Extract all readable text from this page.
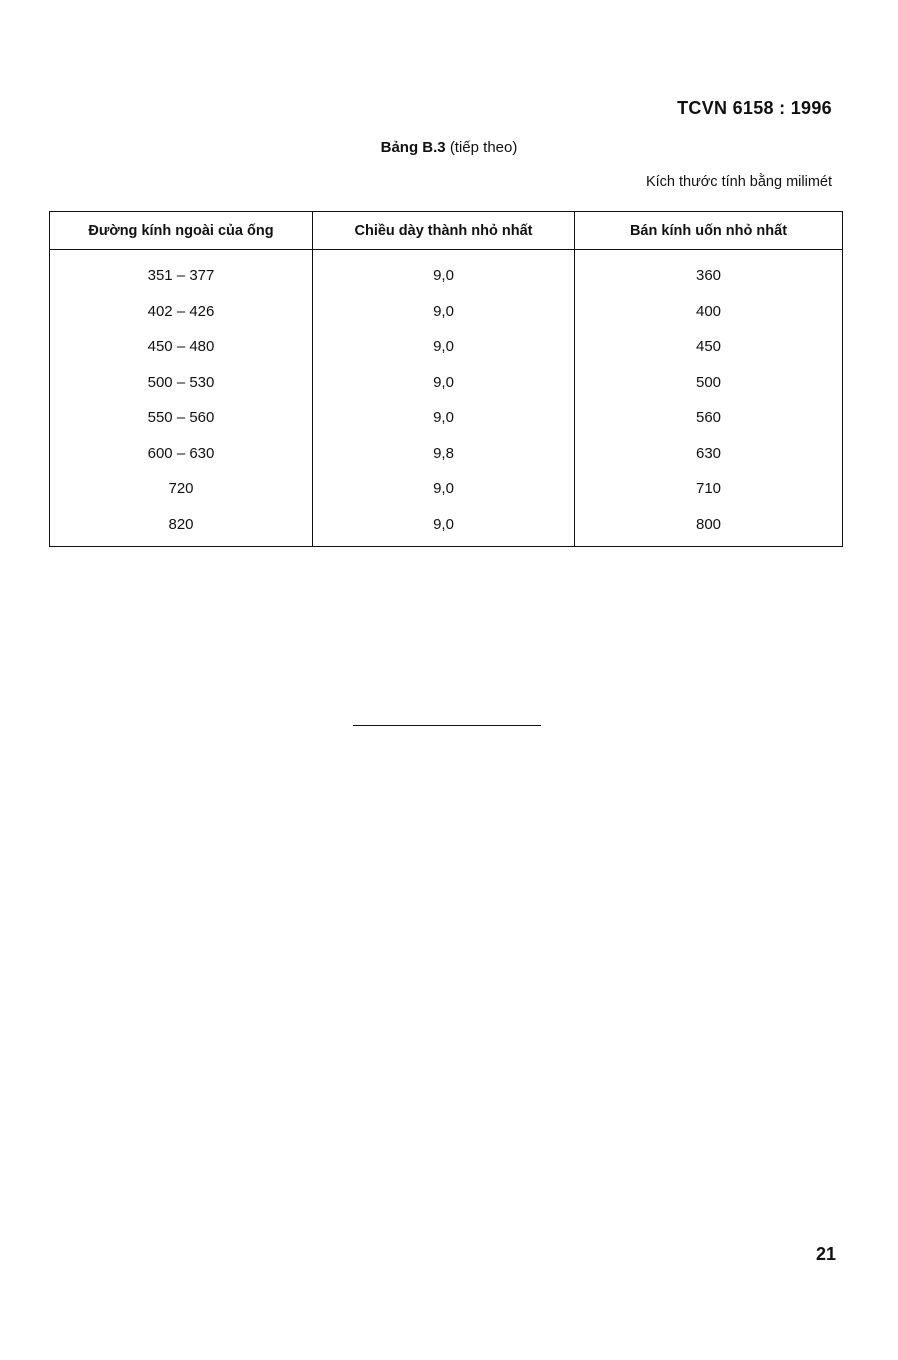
TCVN 6158 : 1996
Bảng B.3 (tiếp theo)
Kích thước tính bằng milimét
Đường kính ngoài của ống	Chiều dày thành nhỏ nhất	Bán kính uốn nhỏ nhất
351 – 377	9,0	360
402 – 426	9,0	400
450 – 480	9,0	450
500 – 530	9,0	500
550 – 560	9,0	560
600 – 630	9,8	630
720	9,0	710
820	9,0	800
21
